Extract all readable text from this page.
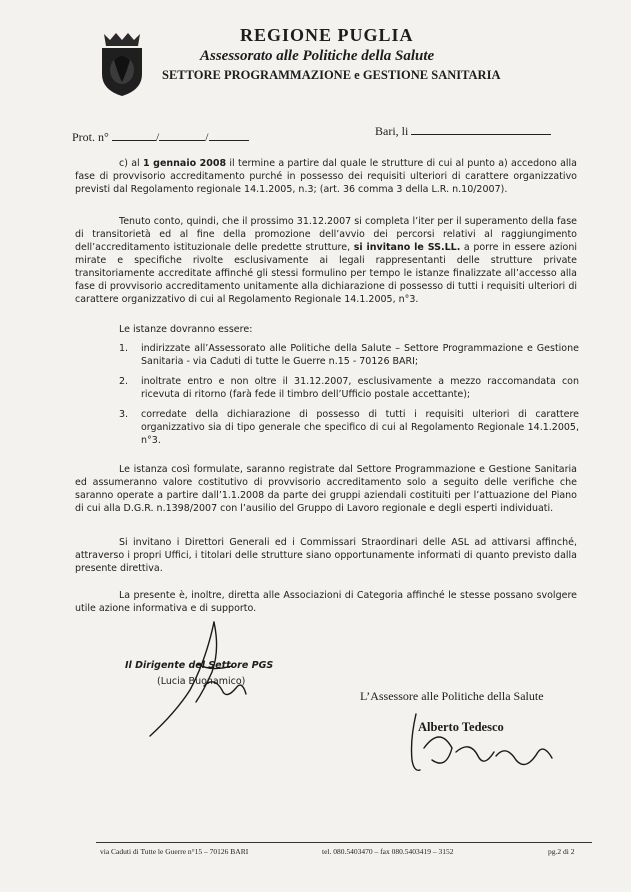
REGIONE PUGLIA
Assessorato alle Politiche della Salute
SETTORE PROGRAMMAZIONE e GESTIONE SANITARIA
Prot. n°	/	/	Bari, li
c) al 1 gennaio 2008 il termine a partire dal quale le strutture di cui al punto a) accedono alla fase di provvisorio accreditamento purché in possesso dei requisiti ulteriori di carattere organizzativo previsti dal Regolamento regionale 14.1.2005, n.3; (art. 36 comma 3 della L.R. n.10/2007).
Tenuto conto, quindi, che il prossimo 31.12.2007 si completa l’iter per il superamento della fase di transitorietà ed al fine della promozione dell’avvio dei percorsi relativi al raggiungimento dell’accreditamento istituzionale delle predette strutture, si invitano le SS.LL. a porre in essere azioni mirate e specifiche rivolte esclusivamente ai legali rappresentanti delle strutture private transitoriamente accreditate affinché gli stessi formulino per tempo le istanze finalizzate all’accesso alla fase di provvisorio accreditamento unitamente alla dichiarazione di possesso di tutti i requisiti ulteriori di carattere organizzativo di cui al Regolamento Regionale 14.1.2005, n°3.
Le istanze dovranno essere:
1. indirizzate all’Assessorato alle Politiche della Salute – Settore Programmazione e Gestione Sanitaria - via Caduti di tutte le Guerre n.15 - 70126 BARI;
2. inoltrate entro e non oltre il 31.12.2007, esclusivamente a mezzo raccomandata con ricevuta di ritorno (farà fede il timbro dell’Ufficio postale accettante);
3. corredate della dichiarazione di possesso di tutti i requisiti ulteriori di carattere organizzativo sia di tipo generale che specifico di cui al Regolamento Regionale 14.1.2005, n°3.
Le istanza così formulate, saranno registrate dal Settore Programmazione e Gestione Sanitaria ed assumeranno valore costitutivo di provvisorio accreditamento solo a seguito delle verifiche che saranno operate a partire dall’1.1.2008 da parte dei gruppi aziendali costituiti per l’attuazione del Piano di cui alla D.G.R. n.1398/2007 con l’ausilio del Gruppo di Lavoro regionale e degli esperti individuati.
Si invitano i Direttori Generali ed i Commissari Straordinari delle ASL ad attivarsi affinché, attraverso i propri Uffici, i titolari delle strutture siano opportunamente informati di quanto previsto dalla presente direttiva.
La presente è, inoltre, diretta alle Associazioni di Categoria affinché le stesse possano svolgere utile azione informativa e di supporto.
Il Dirigente del Settore PGS
(Lucia Buonamico)
L’Assessore alle Politiche della Salute
Alberto Tedesco
via Caduti di Tutte le Guerre n°15 – 70126 BARI	tel. 080.5403470 – fax 080.5403419 – 3152	pg.2 di 2
